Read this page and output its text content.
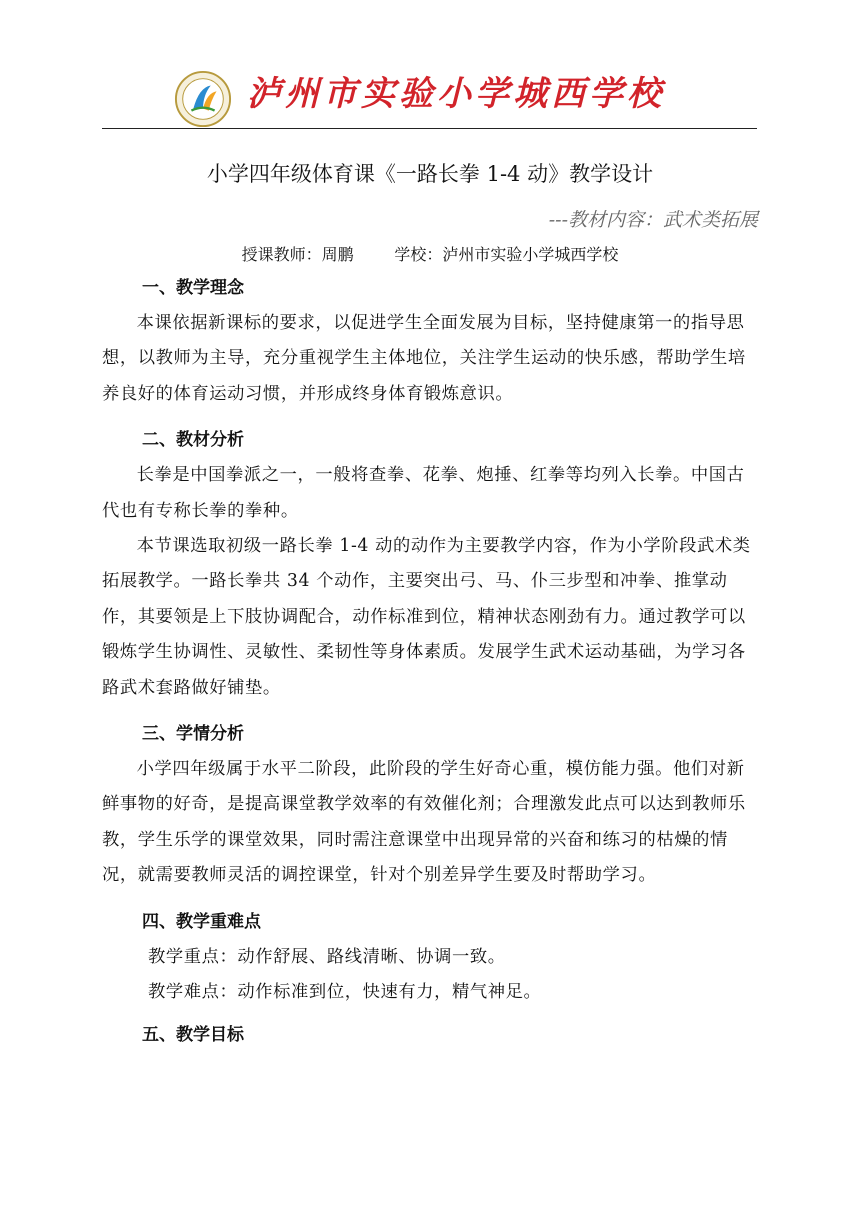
泸州市实验小学城西学校
小学四年级体育课《一路长拳 1-4 动》教学设计
---教材内容：武术类拓展
授课教师：周鹏        学校：泸州市实验小学城西学校
一、教学理念

本课依据新课标的要求，以促进学生全面发展为目标，坚持健康第一的指导思想，以教师为主导，充分重视学生主体地位，关注学生运动的快乐感，帮助学生培养良好的体育运动习惯，并形成终身体育锻炼意识。

二、教材分析

长拳是中国拳派之一，一般将查拳、花拳、炮捶、红拳等均列入长拳。中国古代也有专称长拳的拳种。

本节课选取初级一路长拳 1-4 动的动作为主要教学内容，作为小学阶段武术类拓展教学。一路长拳共 34 个动作，主要突出弓、马、仆三步型和冲拳、推掌动作，其要领是上下肢协调配合，动作标准到位，精神状态刚劲有力。通过教学可以锻炼学生协调性、灵敏性、柔韧性等身体素质。发展学生武术运动基础，为学习各路武术套路做好铺垫。

三、学情分析

小学四年级属于水平二阶段，此阶段的学生好奇心重，模仿能力强。他们对新鲜事物的好奇，是提高课堂教学效率的有效催化剂；合理激发此点可以达到教师乐教，学生乐学的课堂效果，同时需注意课堂中出现异常的兴奋和练习的枯燥的情况，就需要教师灵活的调控课堂，针对个别差异学生要及时帮助学习。

四、教学重难点

教学重点：动作舒展、路线清晰、协调一致。

教学难点：动作标准到位，快速有力，精气神足。

五、教学目标
